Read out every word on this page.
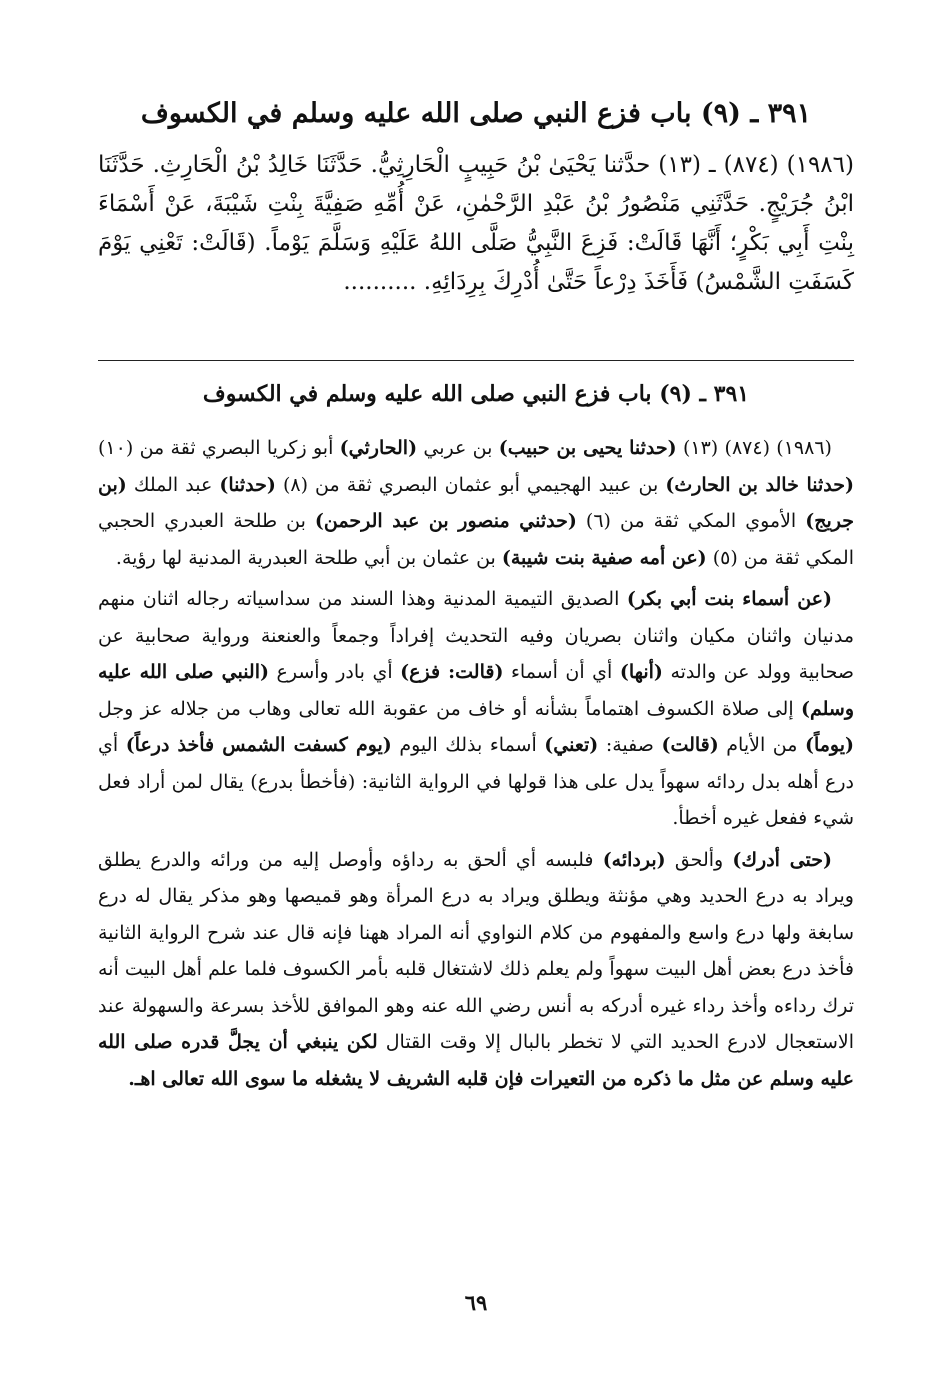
٣٩١ ـ (٩) باب فزع النبي صلى الله عليه وسلم في الكسوف

(١٩٨٦) (٨٧٤) ـ (١٣) حدَّثنا يَحْيَىٰ بْنُ حَبِيبٍ الْحَارِثِيُّ. حَدَّثَنَا خَالِدُ بْنُ الْحَارِثِ. حَدَّثَنَا ابْنُ جُرَيْجٍ. حَدَّثَنِي مَنْصُورُ بْنُ عَبْدِ الرَّحْمٰنِ، عَنْ أُمِّهِ صَفِيَّةَ بِنْتِ شَيْبَةَ، عَنْ أَسْمَاءَ بِنْتِ أَبِي بَكْرٍ؛ أَنَّهَا قَالَتْ: فَزِعَ النَّبِيُّ صَلَّى اللهُ عَلَيْهِ وَسَلَّمَ يَوْماً. (قَالَتْ: تَعْنِي يَوْمَ كَسَفَتِ الشَّمْسُ) فَأَخَذَ دِرْعاً حَتَّىٰ أُدْرِكَ بِرِدَائِهِ. ..........

٣٩١ ـ (٩) باب فزع النبي صلى الله عليه وسلم في الكسوف

(١٩٨٦) (٨٧٤) (١٣) (حدثنا يحيى بن حبيب) بن عربي (الحارثي) أبو زكريا البصري ثقة من (١٠) (حدثنا خالد بن الحارث) بن عبيد الهجيمي أبو عثمان البصري ثقة من (٨) (حدثنا) عبد الملك (بن جريج) الأموي المكي ثقة من (٦) (حدثني منصور بن عبد الرحمن) بن طلحة العبدري الحجبي المكي ثقة من (٥) (عن أمه صفية بنت شيبة) بن عثمان بن أبي طلحة العبدرية المدنية لها رؤية.

(عن أسماء بنت أبي بكر) الصديق التيمية المدنية وهذا السند من سداسياته رجاله اثنان منهم مدنيان واثنان مكيان واثنان بصريان وفيه التحديث إفراداً وجمعاً والعنعنة ورواية صحابية عن صحابية وولد عن والدته (أنها) أي أن أسماء (قالت: فزع) أي بادر وأسرع (النبي صلى الله عليه وسلم) إلى صلاة الكسوف اهتماماً بشأنه أو خاف من عقوبة الله تعالى وهاب من جلاله عز وجل (يوماً) من الأيام (قالت) صفية: (تعني) أسماء بذلك اليوم (يوم كسفت الشمس فأخذ درعاً) أي درع أهله بدل ردائه سهواً يدل على هذا قولها في الرواية الثانية: (فأخطأ بدرع) يقال لمن أراد فعل شيء ففعل غيره أخطأ.

(حتى أدرك) وألحق (بردائه) فلبسه أي ألحق به رداؤه وأوصل إليه من ورائه والدرع يطلق ويراد به درع الحديد وهي مؤنثة ويطلق ويراد به درع المرأة وهو قميصها وهو مذكر يقال له درع سابغة ولها درع واسع والمفهوم من كلام النواوي أنه المراد ههنا فإنه قال عند شرح الرواية الثانية فأخذ درع بعض أهل البيت سهواً ولم يعلم ذلك لاشتغال قلبه بأمر الكسوف فلما علم أهل البيت أنه ترك رداءه وأخذ رداء غيره أدركه به أنس رضي الله عنه وهو الموافق للأخذ بسرعة والسهولة عند الاستعجال لادرع الحديد التي لا تخطر بالبال إلا وقت القتال لكن ينبغي أن يجلَّ قدره صلى الله عليه وسلم عن مثل ما ذكره من التعيرات فإن قلبه الشريف لا يشغله ما سوى الله تعالى اهـ.

٦٩
